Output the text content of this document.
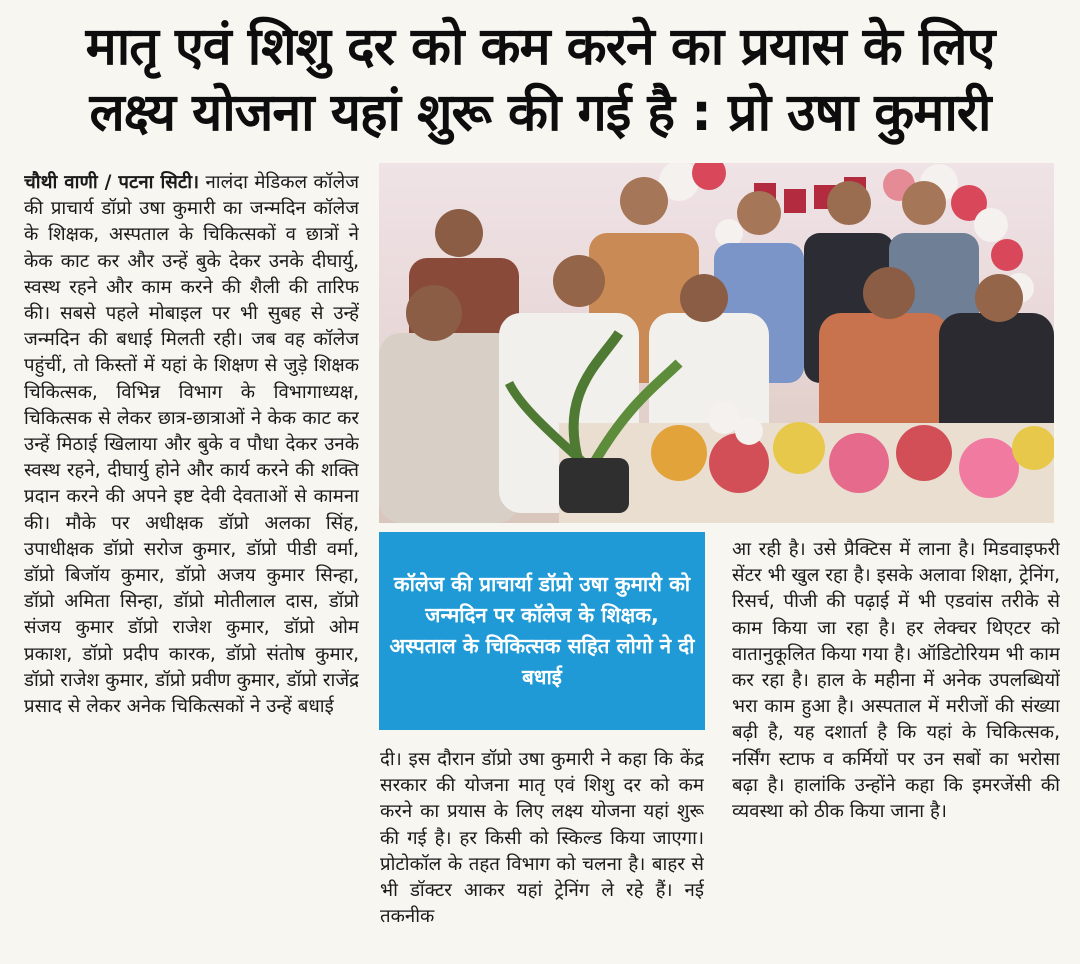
मातृ एवं शिशु दर को कम करने का प्रयास के लिए
लक्ष्य योजना यहां शुरू की गई है : प्रो उषा कुमारी
चौथी वाणी / पटना सिटी। नालंदा मेडिकल कॉलेज की प्राचार्य डॉप्रो उषा कुमारी का जन्मदिन कॉलेज के शिक्षक, अस्पताल के चिकित्सकों व छात्रों ने केक काट कर और उन्हें बुके देकर उनके दीघार्यु, स्वस्थ रहने और काम करने की शैली की तारिफ की। सबसे पहले मोबाइल पर भी सुबह से उन्हें जन्मदिन की बधाई मिलती रही। जब वह कॉलेज पहुंचीं, तो किस्तों में यहां के शिक्षण से जुड़े शिक्षक चिकित्सक, विभिन्न विभाग के विभागाध्यक्ष, चिकित्सक से लेकर छात्र-छात्राओं ने केक काट कर उन्हें मिठाई खिलाया और बुके व पौधा देकर उनके स्वस्थ रहने, दीघार्यु होने और कार्य करने की शक्ति प्रदान करने की अपने इष्ट देवी देवताओं से कामना की। मौके पर अधीक्षक डॉप्रो अलका सिंह, उपाधीक्षक डॉप्रो सरोज कुमार, डॉप्रो पीडी वर्मा, डॉप्रो बिजॉय कुमार, डॉप्रो अजय कुमार सिन्हा, डॉप्रो अमिता सिन्हा, डॉप्रो मोतीलाल दास, डॉप्रो संजय कुमार डॉप्रो राजेश कुमार, डॉप्रो ओम प्रकाश, डॉप्रो प्रदीप कारक, डॉप्रो संतोष कुमार, डॉप्रो राजेश कुमार, डॉप्रो प्रवीण कुमार, डॉप्रो राजेंद्र प्रसाद से लेकर अनेक चिकित्सकों ने उन्हें बधाई
कॉलेज की प्राचार्या डॉप्रो उषा कुमारी को जन्मदिन पर कॉलेज के शिक्षक, अस्पताल के चिकित्सक सहित लोगो ने दी बधाई
दी। इस दौरान डॉप्रो उषा कुमारी ने कहा कि केंद्र सरकार की योजना मातृ एवं शिशु दर को कम करने का प्रयास के लिए लक्ष्य योजना यहां शुरू की गई है। हर किसी को स्किल्ड किया जाएगा। प्रोटोकॉल के तहत विभाग को चलना है। बाहर से भी डॉक्टर आकर यहां ट्रेनिंग ले रहे हैं। नई तकनीक
आ रही है। उसे प्रैक्टिस में लाना है। मिडवाइफरी सेंटर भी खुल रहा है। इसके अलावा शिक्षा, ट्रेनिंग, रिसर्च, पीजी की पढ़ाई में भी एडवांस तरीके से काम किया जा रहा है। हर लेक्चर थिएटर को वातानुकूलित किया गया है। ऑडिटोरियम भी काम कर रहा है। हाल के महीना में अनेक उपलब्धियों भरा काम हुआ है। अस्पताल में मरीजों की संख्या बढ़ी है, यह दशार्ता है कि यहां के चिकित्सक, नर्सिंग स्टाफ व कर्मियों पर उन सबों का भरोसा बढ़ा है। हालांकि उन्होंने कहा कि इमरजेंसी की व्यवस्था को ठीक किया जाना है।
